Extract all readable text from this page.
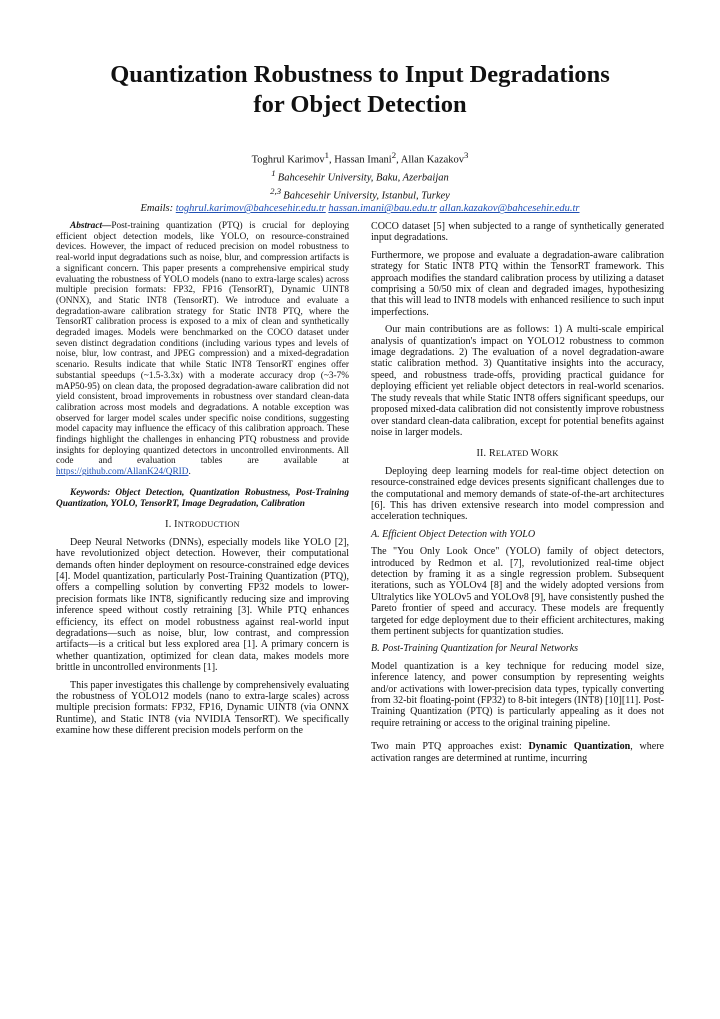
Quantization Robustness to Input Degradations
for Object Detection
Toghrul Karimov$^1$, Hassan Imani$^2$, Allan Kazakov$^3$
$^1$ Bahcesehir University, Baku, Azerbaijan
$^{2,3}$ Bahcesehir University, Istanbul, Turkey
Emails: toghrul.karimov@bahcesehir.edu.tr hassan.imani@bau.edu.tr allan.kazakov@bahcesehir.edu.tr

Abstract—Post-training quantization (PTQ) is crucial for deploying efficient object detection models, like YOLO, on resource-constrained devices. However, the impact of reduced precision on model robustness to real-world input degradations such as noise, blur, and compression artifacts is a significant concern. This paper presents a comprehensive empirical study evaluating the robustness of YOLO models (nano to extra-large scales) across multiple precision formats: FP32, FP16 (TensorRT), Dynamic UINT8 (ONNX), and Static INT8 (TensorRT). We introduce and evaluate a degradation-aware calibration strategy for Static INT8 PTQ, where the TensorRT calibration process is exposed to a mix of clean and synthetically degraded images. Models were benchmarked on the COCO dataset under seven distinct degradation conditions (including various types and levels of noise, blur, low contrast, and JPEG compression) and a mixed-degradation scenario. Results indicate that while Static INT8 TensorRT engines offer substantial speedups (~1.5-3.3x) with a moderate accuracy drop (~3-7% mAP50-95) on clean data, the proposed degradation-aware calibration did not yield consistent, broad improvements in robustness over standard clean-data calibration across most models and degradations. A notable exception was observed for larger model scales under specific noise conditions, suggesting model capacity may influence the efficacy of this calibration approach. These findings highlight the challenges in enhancing PTQ robustness and provide insights for deploying quantized detectors in uncontrolled environments. All code and evaluation tables are available at https://github.com/AllanK24/QRID.

Keywords: Object Detection, Quantization Robustness, Post-Training Quantization, YOLO, TensorRT, Image Degradation, Calibration

I. INTRODUCTION

Deep Neural Networks (DNNs), especially models like YOLO [2], have revolutionized object detection. However, their computational demands often hinder deployment on resource-constrained edge devices [4]. Model quantization, particularly Post-Training Quantization (PTQ), offers a compelling solution by converting FP32 models to lower-precision formats like INT8, significantly reducing size and improving inference speed without costly retraining [3]. While PTQ enhances efficiency, its effect on model robustness against real-world input degradations—such as noise, blur, low contrast, and compression artifacts—is a critical but less explored area [1]. A primary concern is whether quantization, optimized for clean data, makes models more brittle in uncontrolled environments [1].

This paper investigates this challenge by comprehensively evaluating the robustness of YOLO12 models (nano to extra-large scales) across multiple precision formats: FP32, FP16, Dynamic UINT8 (via ONNX Runtime), and Static INT8 (via NVIDIA TensorRT). We specifically examine how these different precision models perform on the

COCO dataset [5] when subjected to a range of synthetically generated input degradations.

Furthermore, we propose and evaluate a degradation-aware calibration strategy for Static INT8 PTQ within the TensorRT framework. This approach modifies the standard calibration process by utilizing a dataset comprising a 50/50 mix of clean and degraded images, hypothesizing that this will lead to INT8 models with enhanced resilience to such input imperfections.

Our main contributions are as follows: 1) A multi-scale empirical analysis of quantization's impact on YOLO12 robustness to common image degradations. 2) The evaluation of a novel degradation-aware static calibration method. 3) Quantitative insights into the accuracy, speed, and robustness trade-offs, providing practical guidance for deploying efficient yet reliable object detectors in real-world scenarios. The study reveals that while Static INT8 offers significant speedups, our proposed mixed-data calibration did not consistently improve robustness over standard clean-data calibration, except for potential benefits against noise in larger models.

II. RELATED WORK

Deploying deep learning models for real-time object detection on resource-constrained edge devices presents significant challenges due to the computational and memory demands of state-of-the-art architectures [6]. This has driven extensive research into model compression and acceleration techniques.

A. Efficient Object Detection with YOLO

The "You Only Look Once" (YOLO) family of object detectors, introduced by Redmon et al. [7], revolutionized real-time object detection by framing it as a single regression problem. Subsequent iterations, such as YOLOv4 [8] and the widely adopted versions from Ultralytics like YOLOv5 and YOLOv8 [9], have consistently pushed the Pareto frontier of speed and accuracy. These models are frequently targeted for edge deployment due to their efficient architectures, making them pertinent subjects for quantization studies.

B. Post-Training Quantization for Neural Networks

Model quantization is a key technique for reducing model size, inference latency, and power consumption by representing weights and/or activations with lower-precision data types, typically converting from 32-bit floating-point (FP32) to 8-bit integers (INT8) [10][11]. Post-Training Quantization (PTQ) is particularly appealing as it does not require retraining or access to the original training pipeline.

Two main PTQ approaches exist: Dynamic Quantization, where activation ranges are determined at runtime, incurring
